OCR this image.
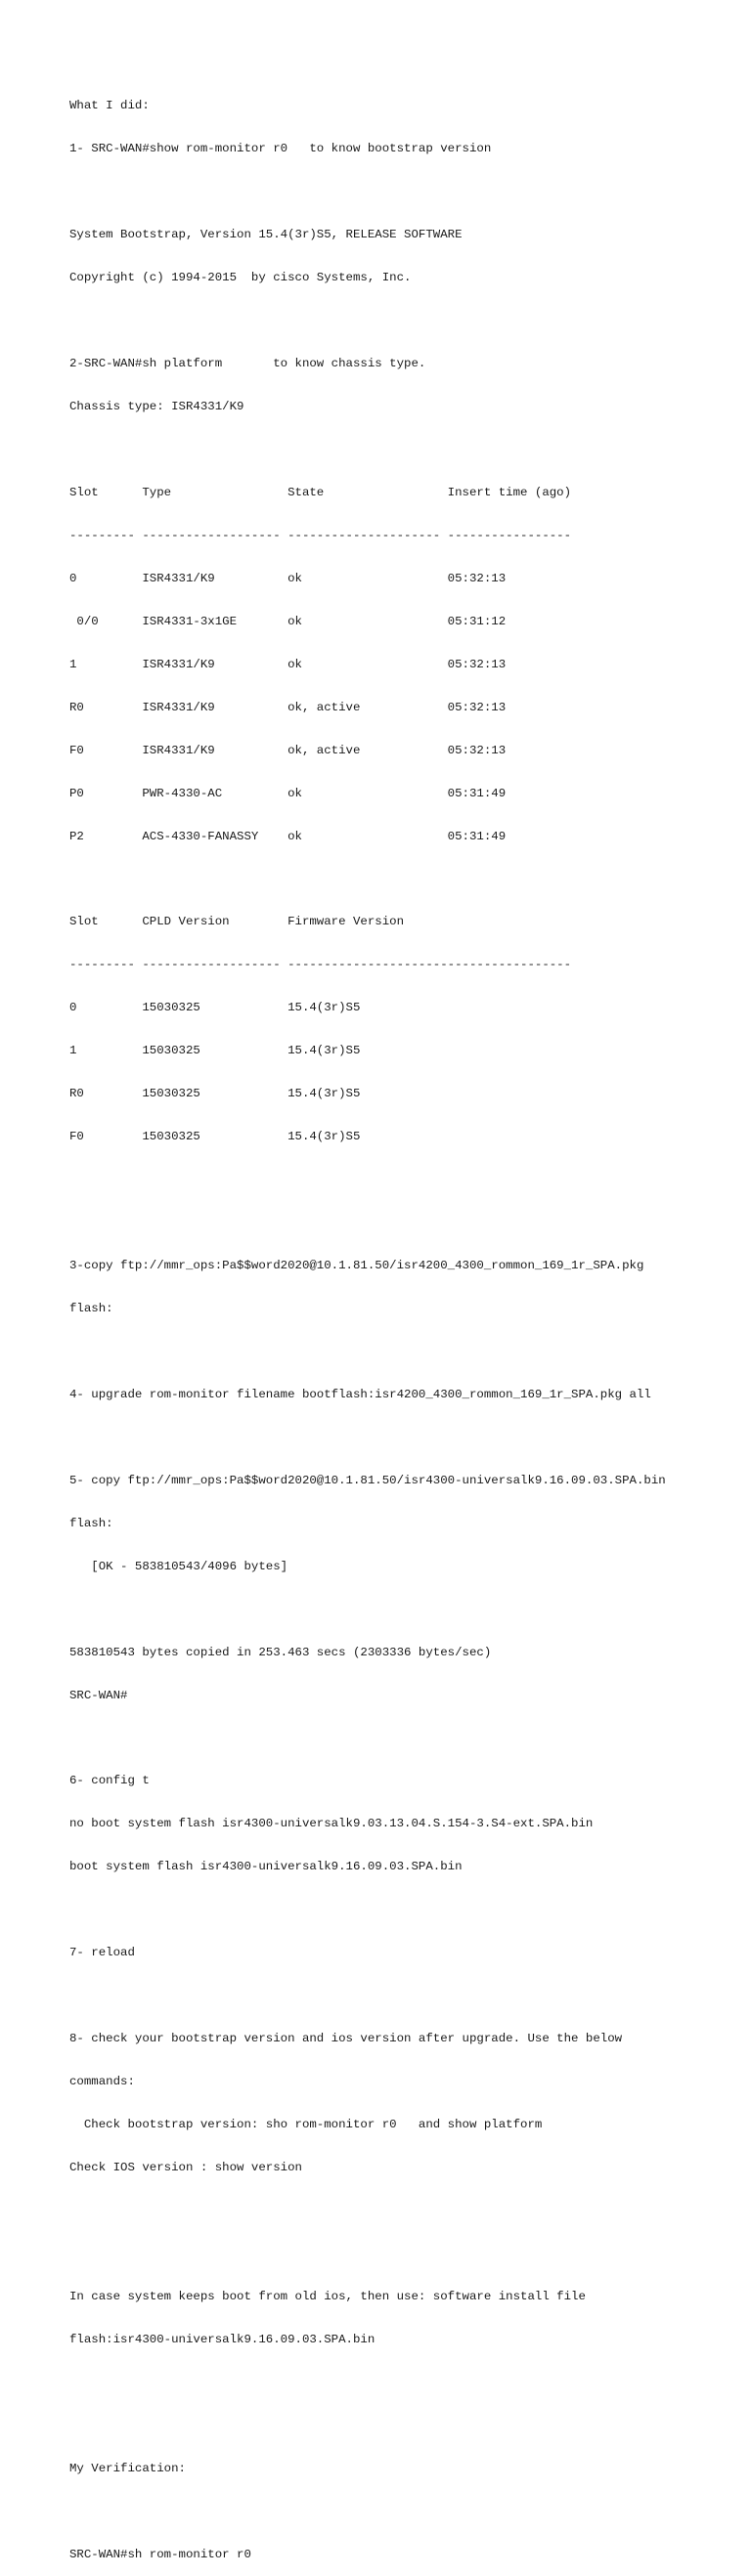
What I did:

1- SRC-WAN#show rom-monitor r0   to know bootstrap version

System Bootstrap, Version 15.4(3r)S5, RELEASE SOFTWARE

Copyright (c) 1994-2015  by cisco Systems, Inc.

2-SRC-WAN#sh platform       to know chassis type.

Chassis type: ISR4331/K9

Slot      Type                State                 Insert time (ago)

--------- ------------------- --------------------- -----------------

0         ISR4331/K9          ok                    05:32:13

0/0      ISR4331-3x1GE       ok                    05:31:12

1         ISR4331/K9          ok                    05:32:13

R0        ISR4331/K9          ok, active            05:32:13

F0        ISR4331/K9          ok, active            05:32:13

P0        PWR-4330-AC         ok                    05:31:49

P2        ACS-4330-FANASSY    ok                    05:31:49

Slot      CPLD Version        Firmware Version

--------- ------------------- ---------------------------------------

0         15030325            15.4(3r)S5

1         15030325            15.4(3r)S5

R0        15030325            15.4(3r)S5

F0        15030325            15.4(3r)S5

3-copy ftp://mmr_ops:Pa$$word2020@10.1.81.50/isr4200_4300_rommon_169_1r_SPA.pkg

flash:

4- upgrade rom-monitor filename bootflash:isr4200_4300_rommon_169_1r_SPA.pkg all

5- copy ftp://mmr_ops:Pa$$word2020@10.1.81.50/isr4300-universalk9.16.09.03.SPA.bin

flash:

[OK - 583810543/4096 bytes]

583810543 bytes copied in 253.463 secs (2303336 bytes/sec)

SRC-WAN#

6- config t

no boot system flash isr4300-universalk9.03.13.04.S.154-3.S4-ext.SPA.bin

boot system flash isr4300-universalk9.16.09.03.SPA.bin

7- reload

8- check your bootstrap version and ios version after upgrade. Use the below

commands:

Check bootstrap version: sho rom-monitor r0   and show platform

Check IOS version : show version

In case system keeps boot from old ios, then use: software install file

flash:isr4300-universalk9.16.09.03.SPA.bin

My Verification:

SRC-WAN#sh rom-monitor r0
